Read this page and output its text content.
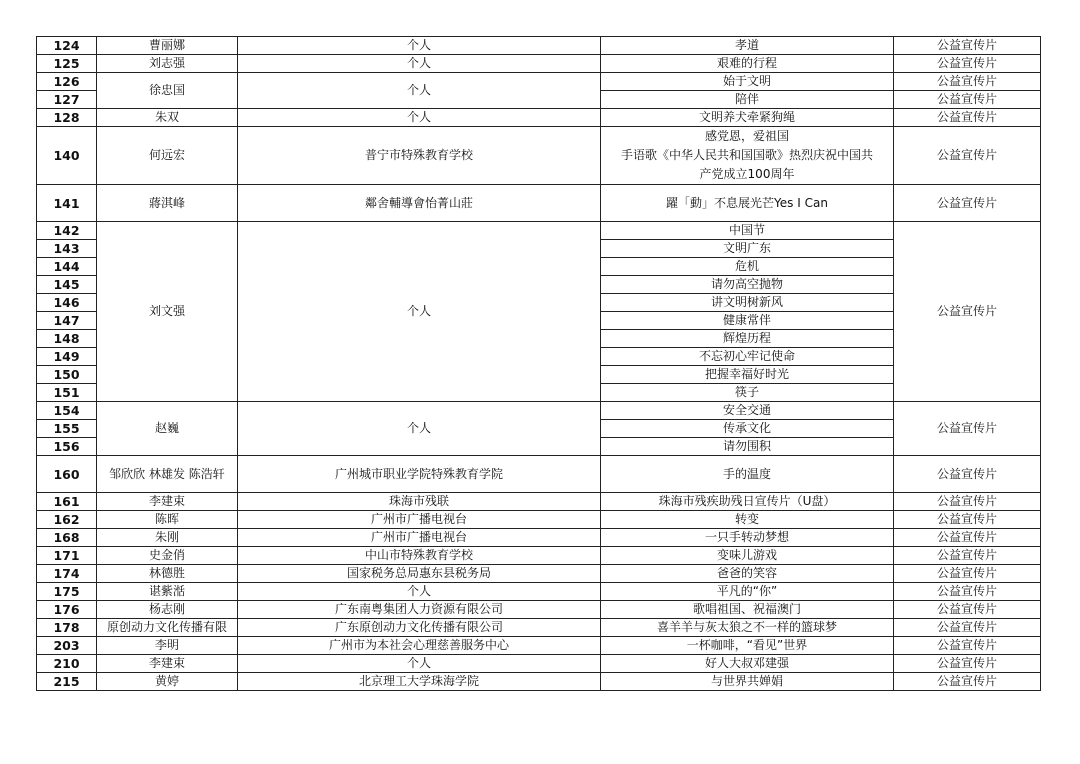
124	曹丽娜	个人	孝道	公益宣传片
125	刘志强	个人	艰难的行程	公益宣传片
126	徐忠国	个人	始于文明	公益宣传片
127			陪伴	公益宣传片
128	朱双	个人	文明养犬牵紧狗绳	公益宣传片
140	何远宏	普宁市特殊教育学校	感党恩，爱祖国
手语歌《中华人民共和国国歌》热烈庆祝中国共
产党成立100周年	公益宣传片
141	蔣淇峰	鄰舍輔導會怡菁山莊	躍「動」不息展光芒Yes I Can	公益宣传片
142	刘文强	个人	中国节	公益宣传片
143			文明广东	
144			危机	
145			请勿高空抛物	
146			讲文明树新风	
147			健康常伴	
148			辉煌历程	
149			不忘初心牢记使命	
150			把握幸福好时光	
151			筷子	
154	赵巍	个人	安全交通	公益宣传片
155			传承文化	
156			请勿围积	
160	邹欣欣 林雄发 陈浩轩	广州城市职业学院特殊教育学院	手的温度	公益宣传片
161	李建束	珠海市残联	珠海市残疾助残日宣传片（U盘）	公益宣传片
162	陈晖	广州市广播电视台	转变	公益宣传片
168	朱刚	广州市广播电视台	一只手转动梦想	公益宣传片
171	史金俏	中山市特殊教育学校	变味儿游戏	公益宣传片
174	林德胜	国家税务总局惠东县税务局	爸爸的笑容	公益宣传片
175	谌紫湉	个人	平凡的“你”	公益宣传片
176	杨志刚	广东南粤集团人力资源有限公司	歌唱祖国、祝福澳门	公益宣传片
178	原创动力文化传播有限	广东原创动力文化传播有限公司	喜羊羊与灰太狼之不一样的篮球梦	公益宣传片
203	李明	广州市为本社会心理慈善服务中心	一杯咖啡，“看见”世界	公益宣传片
210	李建束	个人	好人大叔邓建强	公益宣传片
215	黄婷	北京理工大学珠海学院	与世界共婵娟	公益宣传片
